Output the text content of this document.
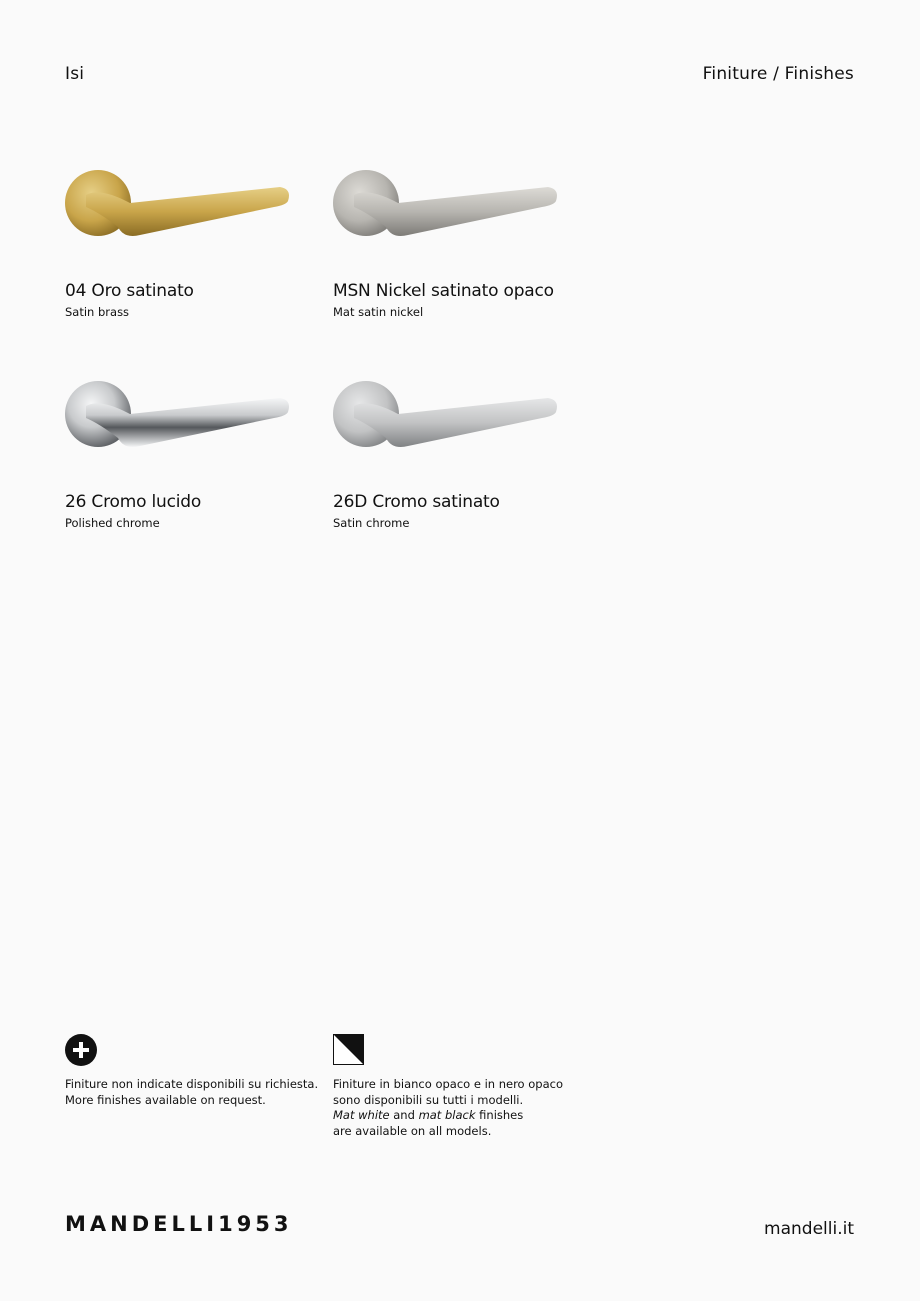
Isi	Finiture / Finishes
04 Oro satinato
Satin brass
MSN Nickel satinato opaco
Mat satin nickel
26 Cromo lucido
Polished chrome
26D Cromo satinato
Satin chrome
Finiture non indicate disponibili su richiesta.
More finishes available on request.
Finiture in bianco opaco e in nero opaco
sono disponibili su tutti i modelli.
Mat white and mat black finishes
are available on all models.
MANDELLI1953	mandelli.it
